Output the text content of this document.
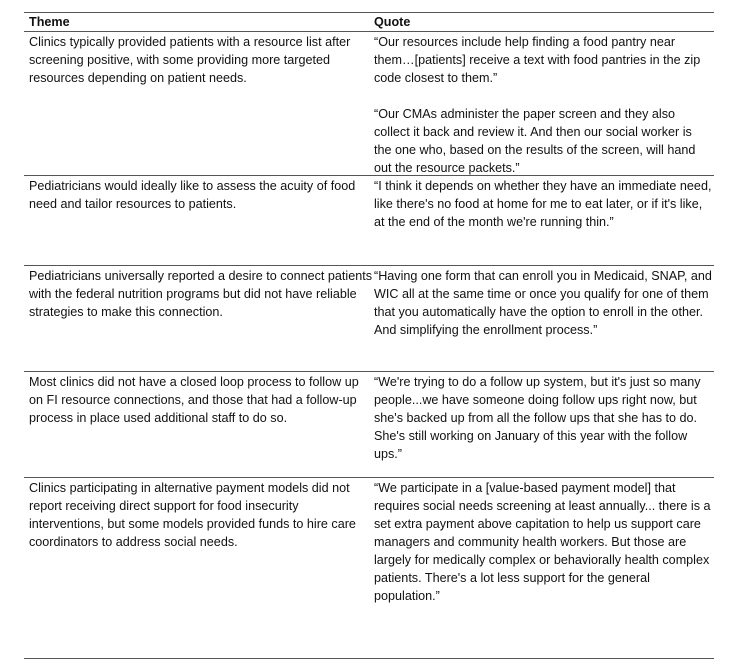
Theme	Quote
Clinics typically provided patients with a resource list after screening positive, with some providing more targeted resources depending on patient needs.

“Our resources include help finding a food pantry near them…[patients] receive a text with food pantries in the zip code closest to them.”

“Our CMAs administer the paper screen and they also collect it back and review it. And then our social worker is the one who, based on the results of the screen, will hand out the resource packets.”

Pediatricians would ideally like to assess the acuity of food need and tailor resources to patients.

“I think it depends on whether they have an immediate need, like there's no food at home for me to eat later, or if it's like, at the end of the month we're running thin.”

Pediatricians universally reported a desire to connect patients with the federal nutrition programs but did not have reliable strategies to make this connection.

“Having one form that can enroll you in Medicaid, SNAP, and WIC all at the same time or once you qualify for one of them that you automatically have the option to enroll in the other. And simplifying the enrollment process.”

Most clinics did not have a closed loop process to follow up on FI resource connections, and those that had a follow-up process in place used additional staff to do so.

“We're trying to do a follow up system, but it's just so many people...we have someone doing follow ups right now, but she's backed up from all the follow ups that she has to do. She's still working on January of this year with the follow ups.”

Clinics participating in alternative payment models did not report receiving direct support for food insecurity interventions, but some models provided funds to hire care coordinators to address social needs.

“We participate in a [value-based payment model] that requires social needs screening at least annually... there is a set extra payment above capitation to help us support care managers and community health workers. But those are largely for medically complex or behaviorally health complex patients. There's a lot less support for the general population.”
